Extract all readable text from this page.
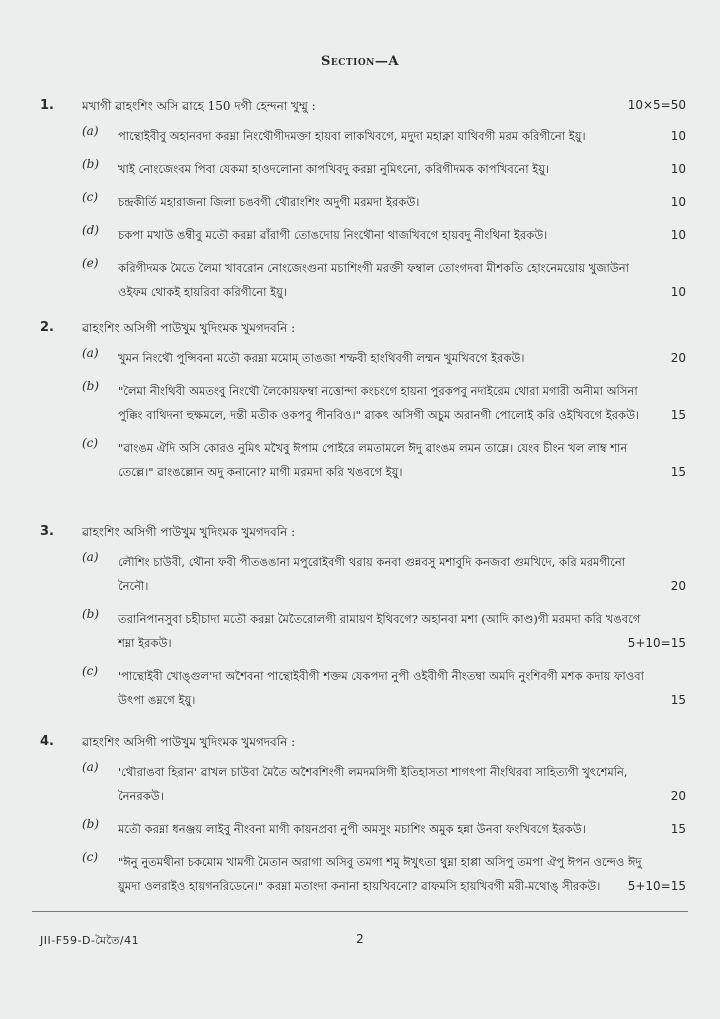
Section—A
1. মখাগী ৱাহংশিং অসি ৱাহে 150 দগী হেন্দনা খুম্মু :	10×5=50
(a) পান্থোইবীবু অহানবদা করম্না নিংথৌগীদমক্তা হায়বা লাকখিবগে, মদুদা মহাক্না যাথিবগী মরম করিগীনো ইয়ু।	10
(b) খাই নোংজেংবম পিবা যেকমা হাওদলোনা কাপখিবদু করম্না নুমিৎনো, করিগীদমক কাপখিবনো ইয়ু।	10
(c) চন্দ্রকীর্তি মহারাজনা জিলা চঙবগী থৌরাংশিং অদুগী মরমদা ইরকউ।	10
(d) চকপা মখাউ ঙম্বীবু মতৌ করম্না ৱাঁরাগী তোঙদোয় নিংথৌনা থাজখিবগে হায়বদু নীংথিনা ইরকউ।	10
(e) করিগীদমক মৈতে লৈমা খাবরোন নোংজেংগুনা মচাশিংগী মরক্তী ফম্বাল তোংগদবা মীশকতি হোংনেময়োয় খুজাউনা ওইফম থোকই হায়রিবা করিগীনো ইয়ু।	10
2. ৱাহংশিং অসিগী পাউখুম খুদিংমক খুমগদবনি :
(a) খুমন নিংথৌ পুন্সিবনা মতৌ করম্না মমোম্ তাঙজা শম্ফবী হাংথিবগী লম্মন খুমখিবগে ইরকউ।	20
(b) "লৈমা নীংথিবী অমতংবু নিংথৌ লৈকোয়ফম্বা নত্তোন্দা কংচংগে হায়না পুরকপবু নদাইরেম থোরা মগারী অনীমা অসিনা পুক্কিং বাথিদনা হুক্ষমলে, দন্তী মতীক ওকপবু পীনবিও।" ৱাকৎ অসিগী অচুম অরানগী পোলোই করি ওইখিবগে ইরকউ।	15
(c) "ৱাংঙম ঐদি অসি কোরও নুমিৎ মখৈবু ঈপাম পোইরে লমতামলে ঈদু ৱাংঙম লমন তাম্লে। যেংব চীংন খল লাম্ব শান তেল্লে।" ৱাংঙল্লোন অদু কনানো? মাগী মরমদা করি খঙবগে ইয়ু।	15
3. ৱাহংশিং অসিগী পাউখুম খুদিংমক খুমগদবনি :
(a) লৌশিং চাউবী, থৌনা ফবী পীতঙঙানা মপুরোইবগী থরায় কনবা গুন্নবসু মশাবুদি কনজবা গুমখিদে, করি মরমগীনো নৈনৌ।	20
(b) তরানিপানসুবা চহীচাদা মতৌ করম্না মৈতৈরোলগী রামায়ণ ইথিবগে? অহানবা মশা (আদি কাণ্ড)গী মরমদা করি খঙবগে শম্না ইরকউ।	5+10=15
(c) 'পান্থোইবী খোঙ্গুল'দা অশৈবনা পান্থোইবীগী শক্তম যেকপদা নুপী ওইবীগী নীংতম্বা অমদি নুংশিবগী মশক কদায় ফাওবা উৎপা ঙম্নগে ইয়ু।	15
4. ৱাহংশিং অসিগী পাউখুম খুদিংমক খুমগদবনি :
(a) 'থৌরাঙবা হিরান' ৱাখল চাউবা মৈতৈ অশৈবশিংগী লমদমসিগী ইতিহাসতা শাগৎপা নীংথিরবা সাহিত্যগী খুৎশেমনি, নৈনরকউ।	20
(b) মতৌ করম্না ধনঞ্জয় লাইবু নীংবনা মাগী কায়নপ্রবা নুপী অমসুং মচাশিং অমুক হন্না উনবা ফংখিবগে ইরকউ।	15
(c) "ঈনু নুতমথীনা চকমোম খামগী মৈতান অরাগা অসিবু তমগা শমু ঈখুৎতা থুম্না হাপ্পা অসিপু তমপা ঐপু ঈপন ওন্দেও ঈদু য়ুমদা ওলরাইও হায়গনরিডেনে।" করম্না মতাংদা কনানা হায়খিবনো? ৱাফমসি হায়খিবগী মরী-মথোঙ্ সীরকউ।	5+10=15
JII-F59-D-মৈতৈ/41	2
